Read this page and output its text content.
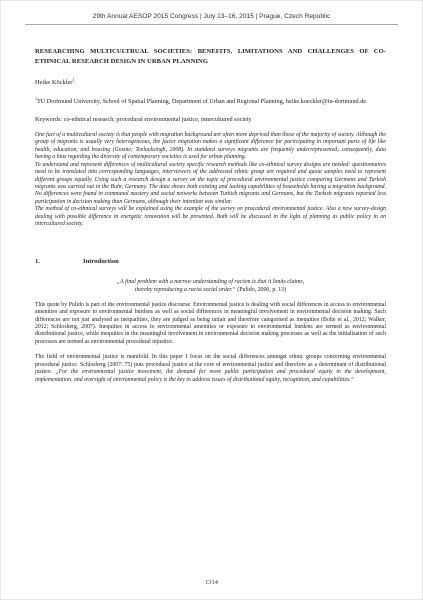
29th Annual AESOP 2015 Congress | July 13–16, 2015 | Prague, Czech Republic
RESEARCHING MULTICULTRUAL SOCIETIES: BENEFITS, LIMITATIONS AND CHALLENGES OF CO-ETHNICAL RESEARCH DESIGN IN URBAN PLANNING
Heike Köckler$^1$
$^1$TU Dortmund University, School of Spatial Planning, Department of Urban and Regional Planning, heike.koeckler@tu-dortmund.de
Keywords: co-ethnical research, procedural environmental justice, intercultured society

One fact of a multicultural society is that people with migration background are often more deprived than those of the majority of society. Although the group of migrants is usually very heterogeneous, the factor migration makes a significant difference for participating in important parts of life like health, education, and housing (Gosine; Teelucksingh, 2008). In standard surveys migrants are frequently underrepresented; consequently, data having a bias regarding the diversity of contemporary societies is used for urban planning.

To understand and represent differences of multicultural society specific research methods like co-ethnical survey designs are needed: questionnaires need to be translated into corresponding languages, interviewers of the addressed ethnic group are required and quota samples need to represent different groups equally. Using such a research design a survey on the topic of procedural environmental justice comparing Germans and Turkish migrants was carried out in the Ruhr, Germany. The data shows both existing and lacking capabilities of households having a migration background. No differences were found in communal mastery and social networks between Turkish migrants and Germans, but the Turkish migrants reported less participation in decision making than Germans, although their intention was similar.

The method of co-ethnical surveys will be explained using the example of the survey on procedural environmental justice. Also a new survey-design dealing with possible difference in energetic renovation will be presented. Both will be discussed in the light of planning as public policy in an intercultured society.

1.	Introduction
„A final problem with a narrow understanding of racism is that it limits claims,
thereby reproducing a racist social order.“ (Pulido, 2000, p. 13)
This quote by Pulido is part of the environmental justice discourse. Environmental justice is dealing with social differences in access to environmental amenities and exposure to environmental burdens as well as social differences in meaningful involvement in environmental decision making. Such differences are not just analysed as inequalities, they are judged as being unfair and therefore categorised as inequities (Bolte et al., 2012; Walker, 2012; Schlosberg, 2007). Inequities in access to environmental amenities or exposure to environmental burdens are termed as environmental distributional justice, while inequities in the meaningful involvement in environmental decision making processes as well as the initialisation of such processes are termed as environmental procedural injustice.
The field of environmental justice is manifold. In this paper I focus on the social differences amongst ethnic groups concerning environmental procedural justice. Schlosberg (2007: 75) puts procedural justice at the core of environmental justice and therefore as a determinant of distributional justice: „For the environmental justice movement, the demand for more public participation and procedural equity in the development, implementation, and oversight of environmental policy is the key to address issues of distributional equity, recognition, and capabilities.“
1314
